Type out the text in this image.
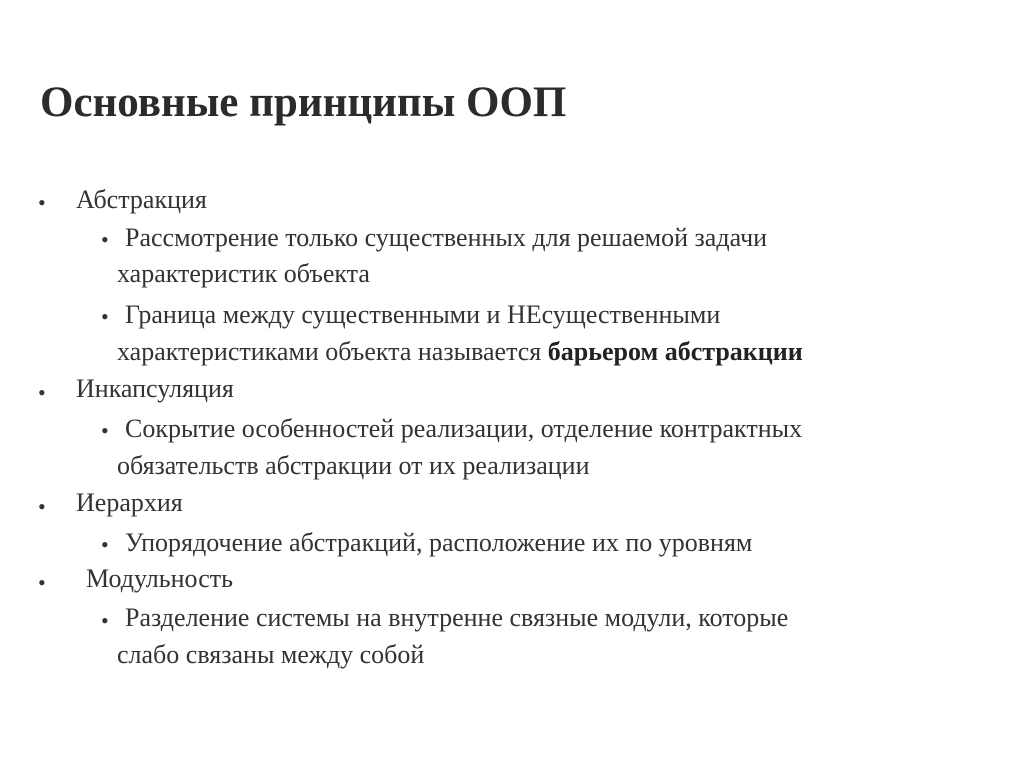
Основные принципы ООП
• Абстракция
• Рассмотрение только существенных для решаемой задачи
характеристик объекта
• Граница между существенными и НЕсущественными
характеристиками объекта называется барьером абстракции
• Инкапсуляция
• Сокрытие особенностей реализации, отделение контрактных
обязательств абстракции от их реализации
• Иерархия
• Упорядочение абстракций, расположение их по уровням
• Модульность
• Разделение системы на внутренне связные модули, которые
слабо связаны между собой
